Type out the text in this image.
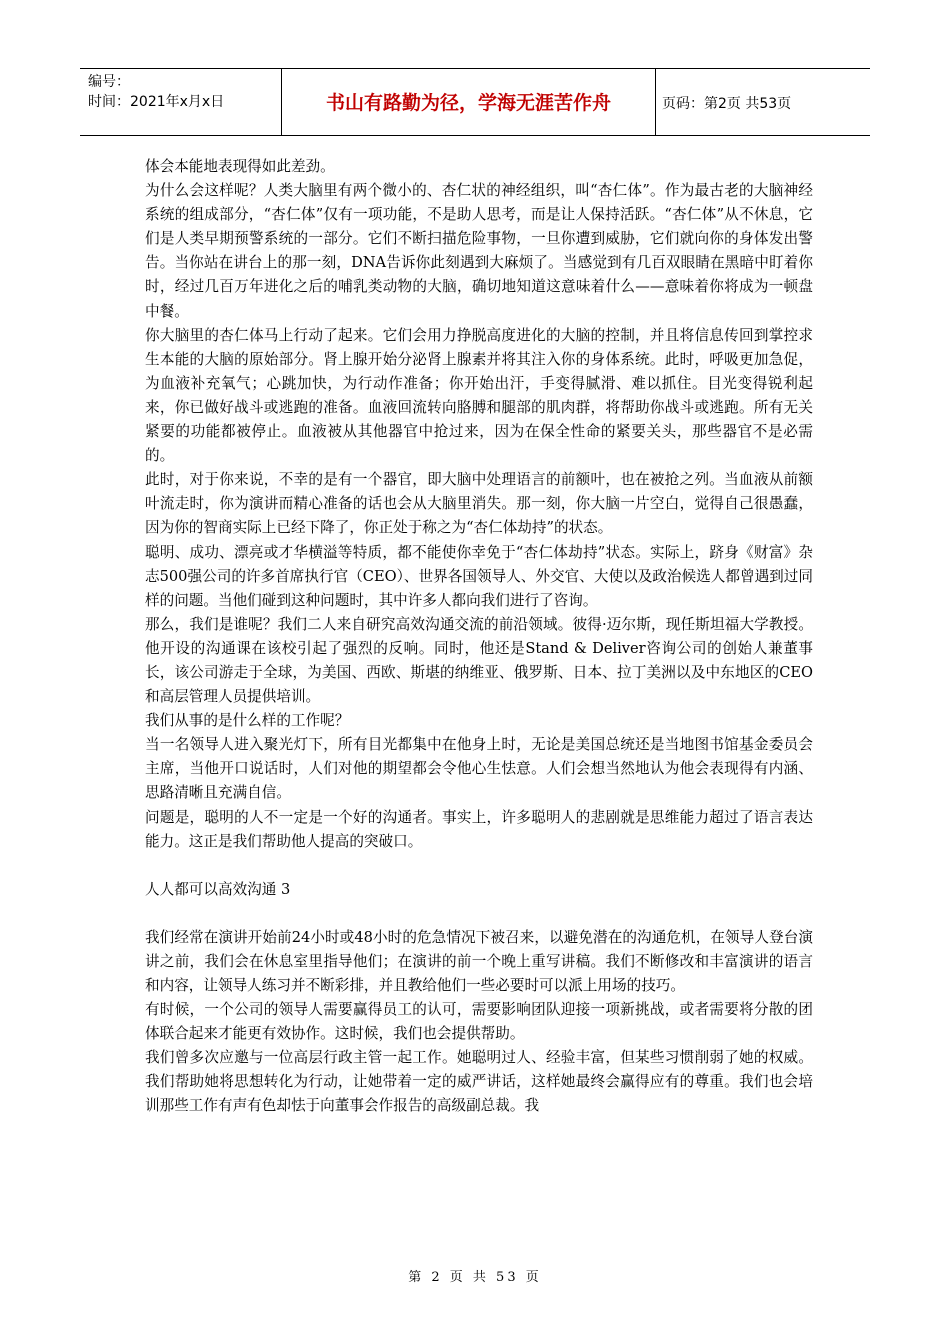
编号：
时间：2021年x月x日	书山有路勤为径，学海无涯苦作舟	页码：第2页 共53页

体会本能地表现得如此差劲。

为什么会这样呢？人类大脑里有两个微小的、杏仁状的神经组织，叫“杏仁体”。作为最古老的大脑神经系统的组成部分，“杏仁体”仅有一项功能，不是助人思考，而是让人保持活跃。“杏仁体”从不休息，它们是人类早期预警系统的一部分。它们不断扫描危险事物，一旦你遭到威胁，它们就向你的身体发出警告。当你站在讲台上的那一刻，DNA告诉你此刻遇到大麻烦了。当感觉到有几百双眼睛在黑暗中盯着你时，经过几百万年进化之后的哺乳类动物的大脑，确切地知道这意味着什么——意味着你将成为一顿盘中餐。

你大脑里的杏仁体马上行动了起来。它们会用力挣脱高度进化的大脑的控制，并且将信息传回到掌控求生本能的大脑的原始部分。肾上腺开始分泌肾上腺素并将其注入你的身体系统。此时，呼吸更加急促，为血液补充氧气；心跳加快，为行动作准备；你开始出汗，手变得腻滑、难以抓住。目光变得锐利起来，你已做好战斗或逃跑的准备。血液回流转向胳膊和腿部的肌肉群，将帮助你战斗或逃跑。所有无关紧要的功能都被停止。血液被从其他器官中抢过来，因为在保全性命的紧要关头，那些器官不是必需的。

此时，对于你来说，不幸的是有一个器官，即大脑中处理语言的前额叶，也在被抢之列。当血液从前额叶流走时，你为演讲而精心准备的话也会从大脑里消失。那一刻，你大脑一片空白，觉得自己很愚蠢，因为你的智商实际上已经下降了，你正处于称之为“杏仁体劫持”的状态。

聪明、成功、漂亮或才华横溢等特质，都不能使你幸免于“杏仁体劫持”状态。实际上，跻身《财富》杂志500强公司的许多首席执行官（CEO）、世界各国领导人、外交官、大使以及政治候选人都曾遇到过同样的问题。当他们碰到这种问题时，其中许多人都向我们进行了咨询。

那么，我们是谁呢？我们二人来自研究高效沟通交流的前沿领域。彼得·迈尔斯，现任斯坦福大学教授。他开设的沟通课在该校引起了强烈的反响。同时，他还是Stand & Deliver咨询公司的创始人兼董事长，该公司游走于全球，为美国、西欧、斯堪的纳维亚、俄罗斯、日本、拉丁美洲以及中东地区的CEO和高层管理人员提供培训。

我们从事的是什么样的工作呢？

当一名领导人进入聚光灯下，所有目光都集中在他身上时，无论是美国总统还是当地图书馆基金委员会主席，当他开口说话时，人们对他的期望都会令他心生怯意。人们会想当然地认为他会表现得有内涵、思路清晰且充满自信。

问题是，聪明的人不一定是一个好的沟通者。事实上，许多聪明人的悲剧就是思维能力超过了语言表达能力。这正是我们帮助他人提高的突破口。

人人都可以高效沟通 3

我们经常在演讲开始前24小时或48小时的危急情况下被召来，以避免潜在的沟通危机，在领导人登台演讲之前，我们会在休息室里指导他们；在演讲的前一个晚上重写讲稿。我们不断修改和丰富演讲的语言和内容，让领导人练习并不断彩排，并且教给他们一些必要时可以派上用场的技巧。

有时候，一个公司的领导人需要赢得员工的认可，需要影响团队迎接一项新挑战，或者需要将分散的团体联合起来才能更有效协作。这时候，我们也会提供帮助。

我们曾多次应邀与一位高层行政主管一起工作。她聪明过人、经验丰富，但某些习惯削弱了她的权威。我们帮助她将思想转化为行动，让她带着一定的威严讲话，这样她最终会赢得应有的尊重。我们也会培训那些工作有声有色却怯于向董事会作报告的高级副总裁。我

第 2 页 共 53 页
